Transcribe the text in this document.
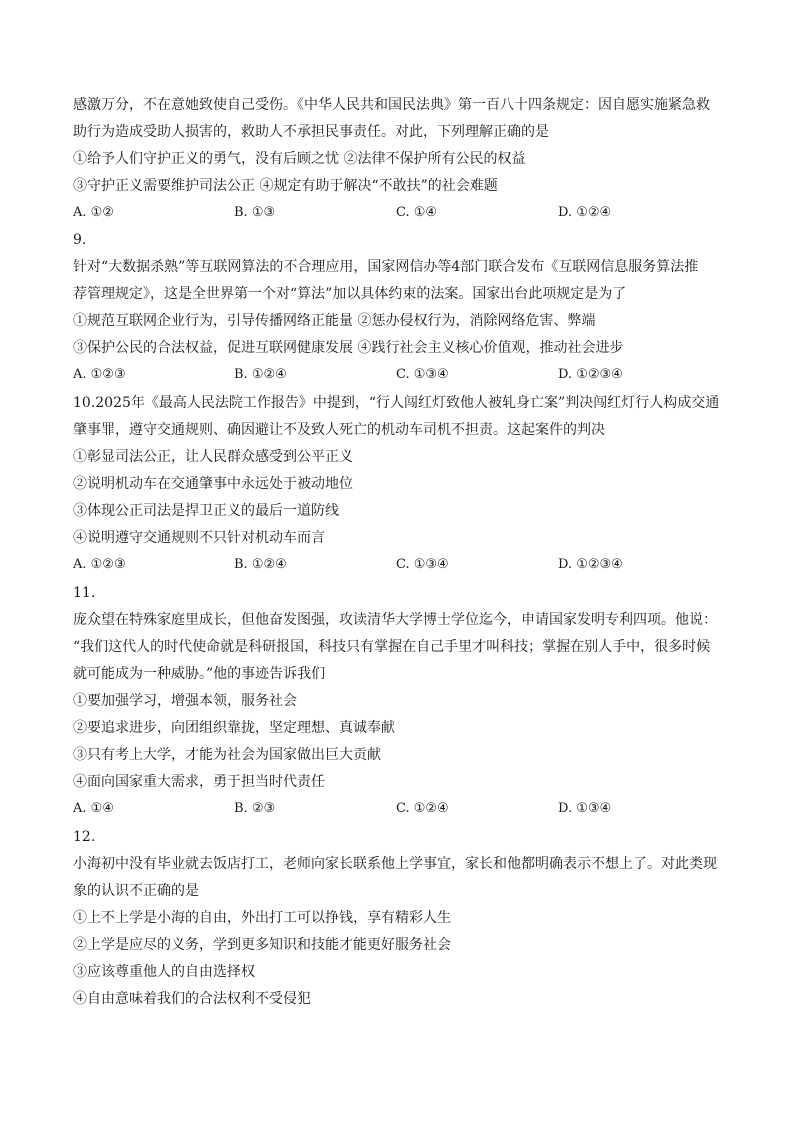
感激万分，不在意她致使自己受伤。《中华人民共和国民法典》第一百八十四条规定：因自愿实施紧急救
助行为造成受助人损害的，救助人不承担民事责任。对此，下列理解正确的是
①给予人们守护正义的勇气，没有后顾之忧 ②法律不保护所有公民的权益
③守护正义需要维护司法公正 ④规定有助于解决“不敢扶”的社会难题
A. ①②	B. ①③	C. ①④	D. ①②④
9.
针对“大数据杀熟”等互联网算法的不合理应用，国家网信办等4部门联合发布《互联网信息服务算法推
荐管理规定》，这是全世界第一个对“算法”加以具体约束的法案。国家出台此项规定是为了
①规范互联网企业行为，引导传播网络正能量 ②惩办侵权行为，消除网络危害、弊端
③保护公民的合法权益，促进互联网健康发展 ④践行社会主义核心价值观，推动社会进步
A. ①②③	B. ①②④	C. ①③④	D. ①②③④
10.2025年《最高人民法院工作报告》中提到，“行人闯红灯致他人被轧身亡案”判决闯红灯行人构成交通
肇事罪，遵守交通规则、确因避让不及致人死亡的机动车司机不担责。这起案件的判决
①彰显司法公正，让人民群众感受到公平正义
②说明机动车在交通肇事中永远处于被动地位
③体现公正司法是捍卫正义的最后一道防线
④说明遵守交通规则不只针对机动车而言
A. ①②③	B. ①②④	C. ①③④	D. ①②③④
11.
庞众望在特殊家庭里成长，但他奋发图强，攻读清华大学博士学位迄今，申请国家发明专利四项。他说：
“我们这代人的时代使命就是科研报国，科技只有掌握在自己手里才叫科技；掌握在别人手中，很多时候
就可能成为一种威胁。”他的事迹告诉我们
①要加强学习，增强本领，服务社会
②要追求进步，向团组织靠拢，坚定理想、真诚奉献
③只有考上大学，才能为社会为国家做出巨大贡献
④面向国家重大需求，勇于担当时代责任
A. ①④	B. ②③	C. ①②④	D. ①③④
12.
小海初中没有毕业就去饭店打工，老师向家长联系他上学事宜，家长和他都明确表示不想上了。对此类现
象的认识不正确的是
①上不上学是小海的自由，外出打工可以挣钱，享有精彩人生
②上学是应尽的义务，学到更多知识和技能才能更好服务社会
③应该尊重他人的自由选择权
④自由意味着我们的合法权利不受侵犯
